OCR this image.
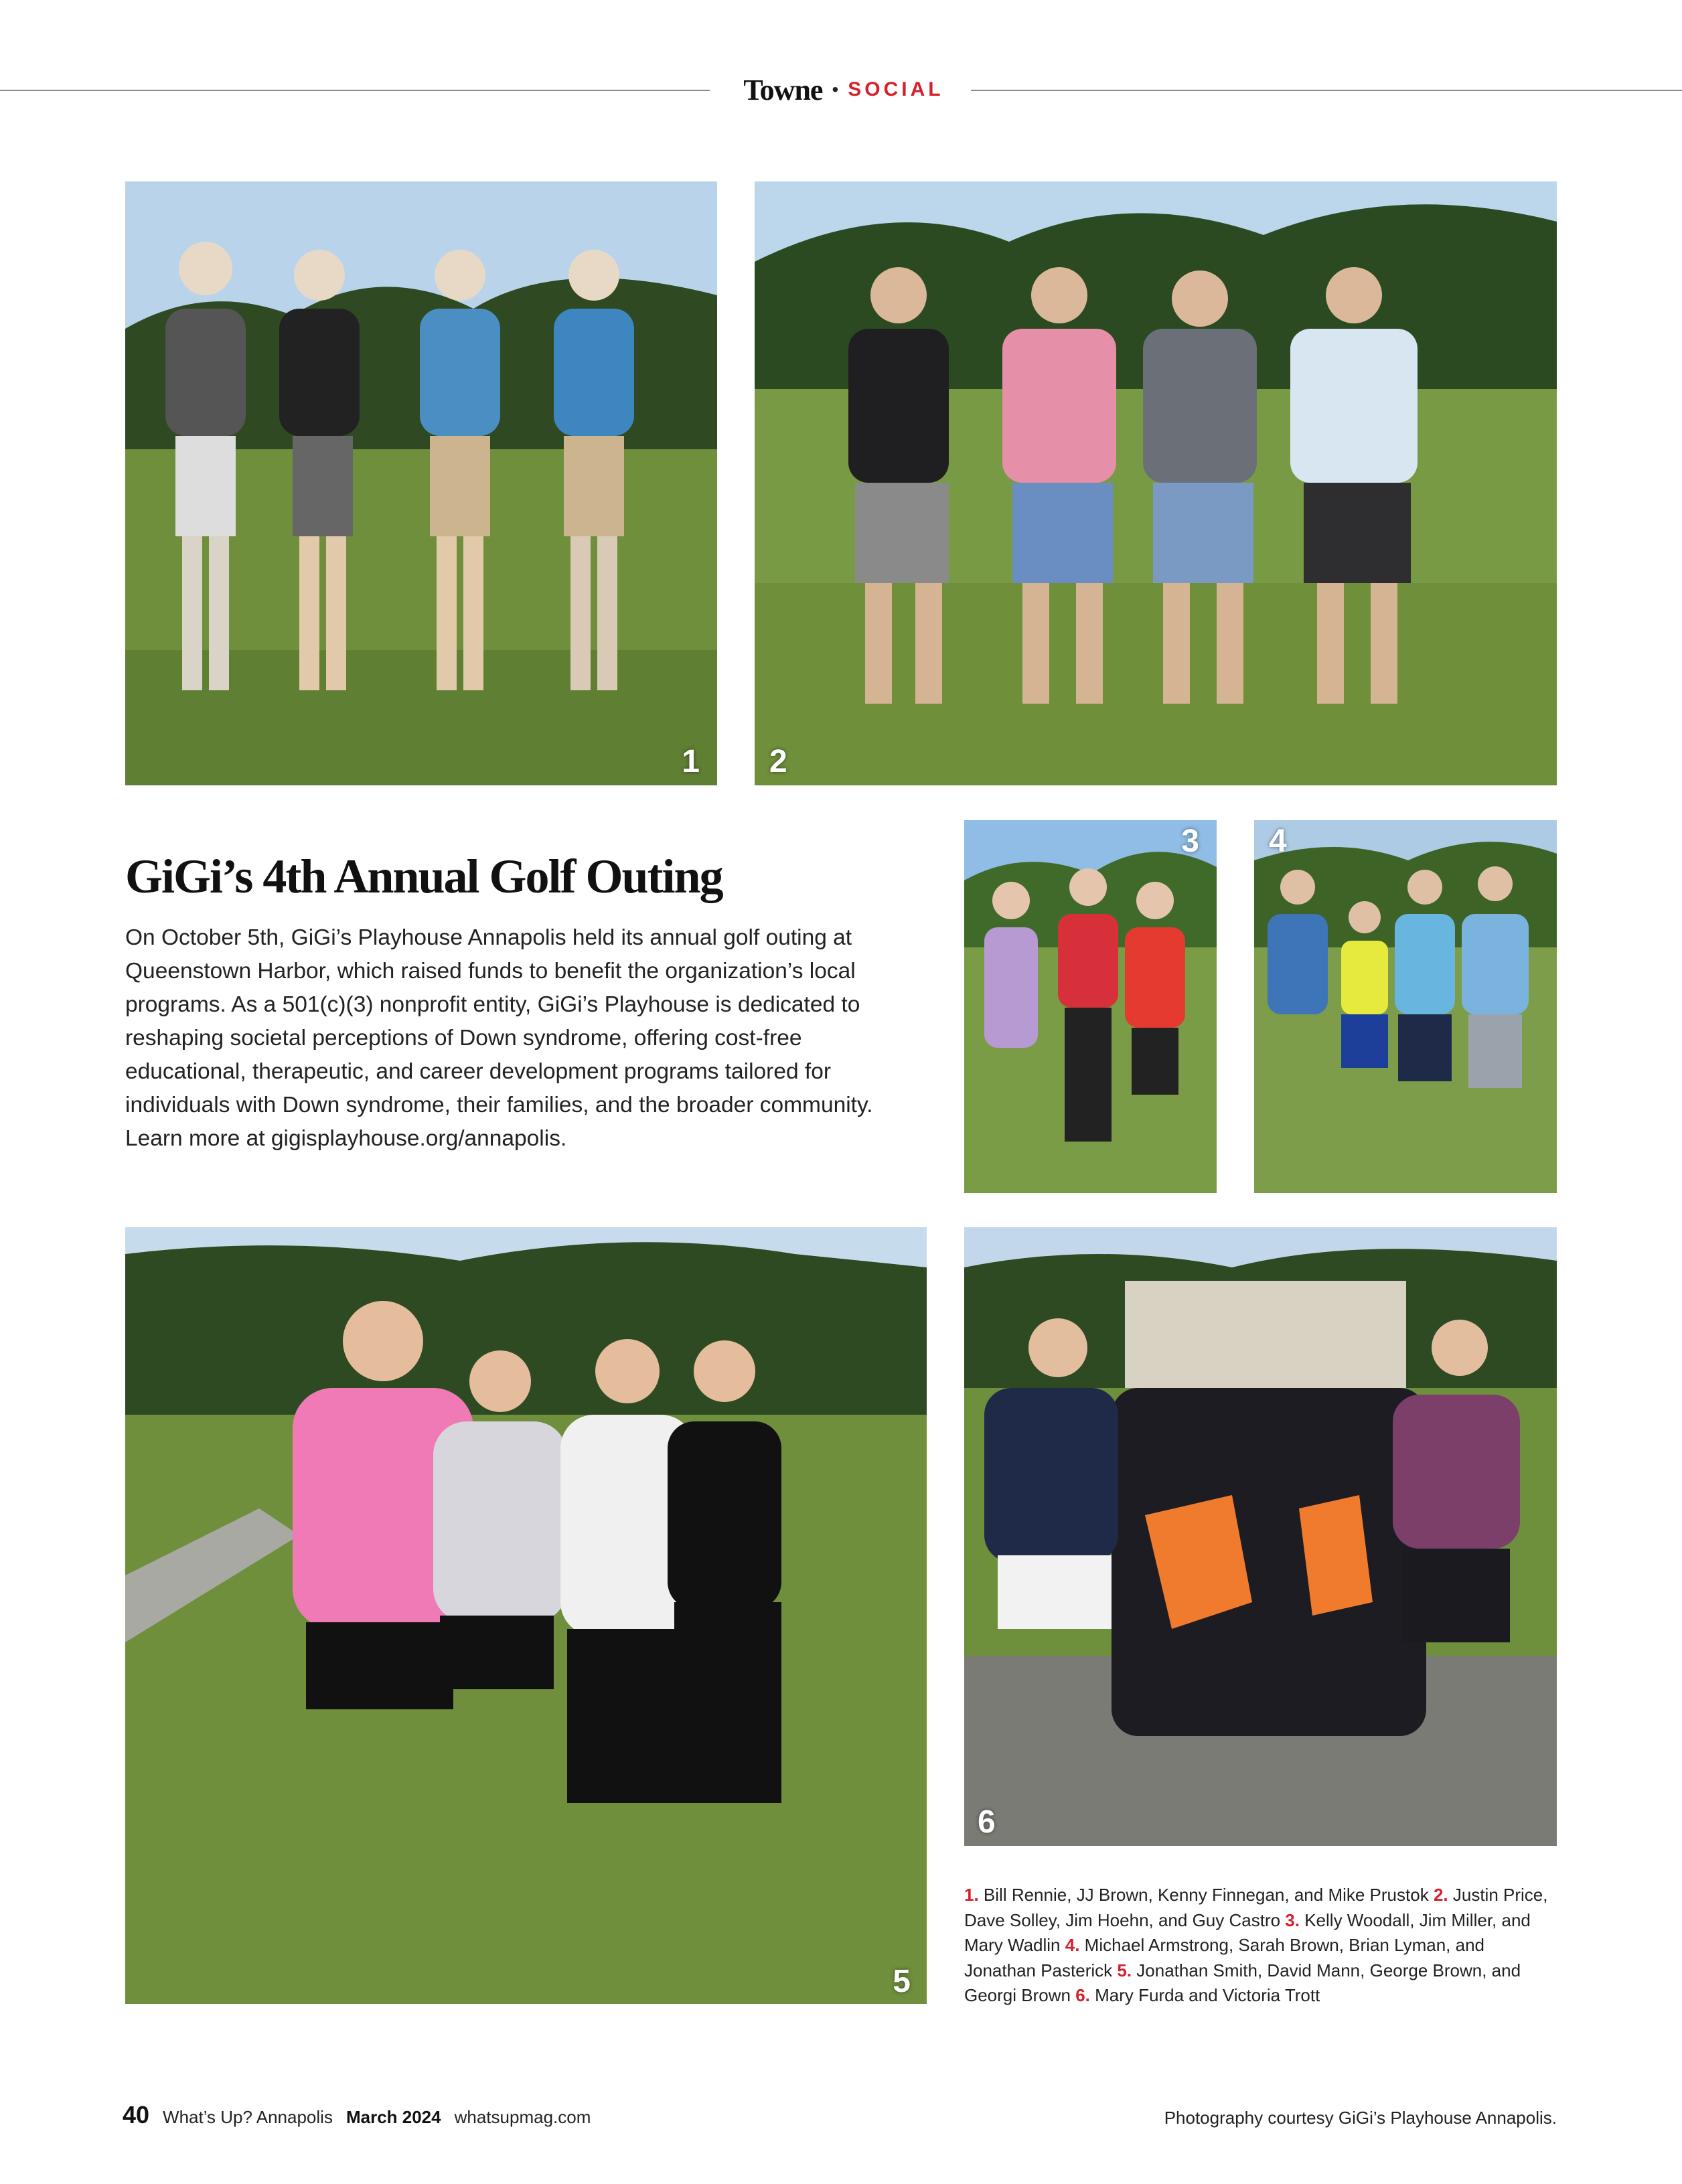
Towne • SOCIAL
1 2
3 4
5
6
GiGi’s 4th Annual Golf Outing
On October 5th, GiGi’s Playhouse Annapolis held its annual golf outing at Queenstown Harbor, which raised funds to benefit the organization’s local programs. As a 501(c)(3) nonprofit entity, GiGi’s Playhouse is dedicated to reshaping societal perceptions of Down syndrome, offering cost-free educational, therapeutic, and career development programs tailored for individuals with Down syndrome, their families, and the broader community. Learn more at gigisplayhouse.org/annapolis.
1. Bill Rennie, JJ Brown, Kenny Finnegan, and Mike Prustok 2. Justin Price, Dave Solley, Jim Hoehn, and Guy Castro 3. Kelly Woodall, Jim Miller, and Mary Wadlin 4. Michael Armstrong, Sarah Brown, Brian Lyman, and Jonathan Pasterick 5. Jonathan Smith, David Mann, George Brown, and Georgi Brown 6. Mary Furda and Victoria Trott
40 What’s Up? Annapolis March 2024 whatsupmag.com	Photography courtesy GiGi’s Playhouse Annapolis.
